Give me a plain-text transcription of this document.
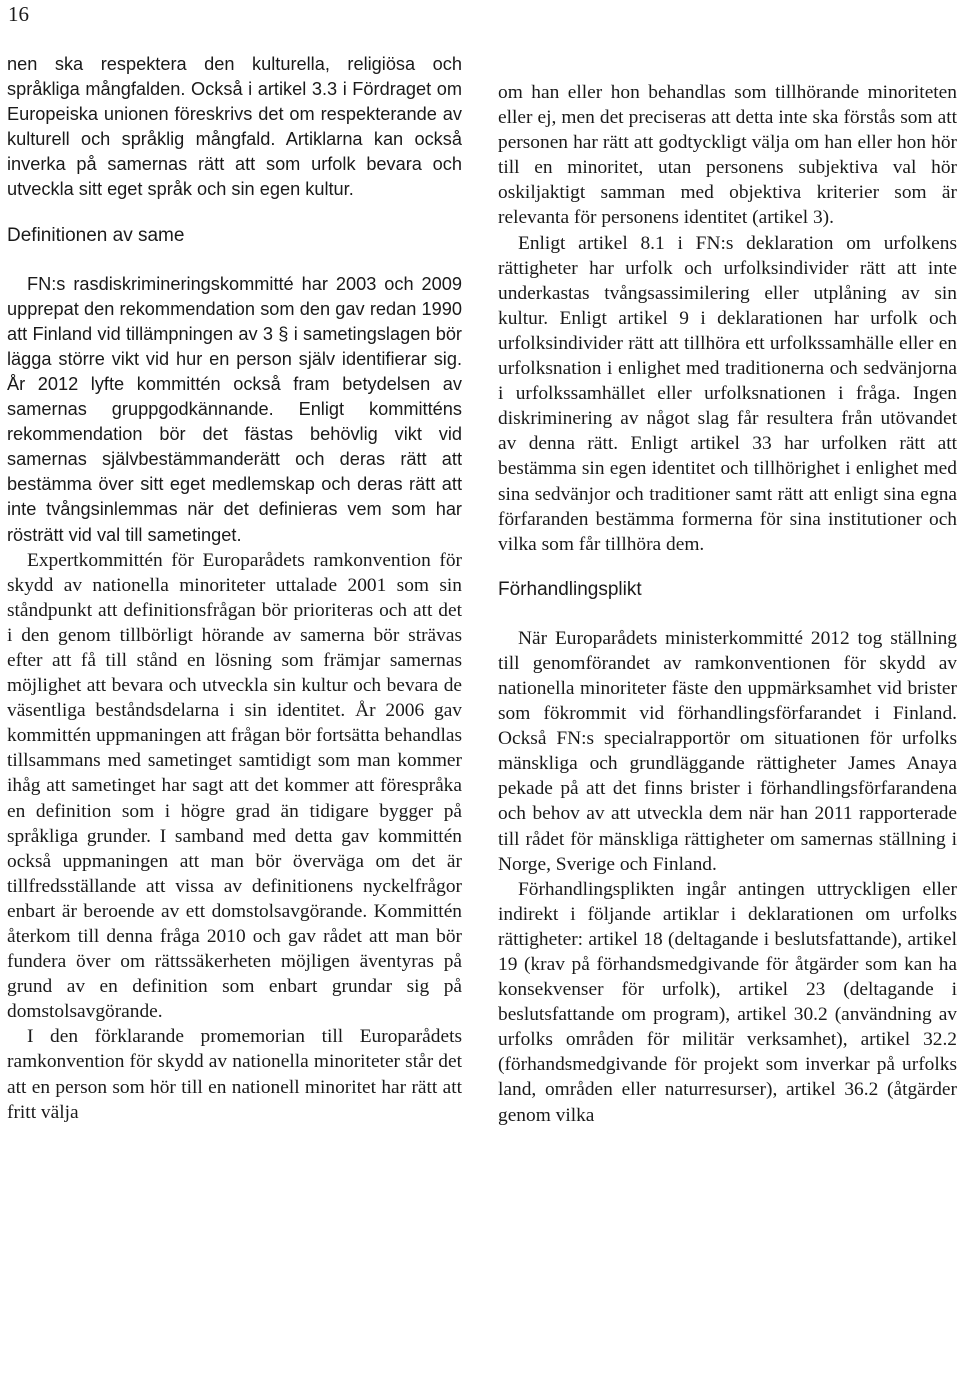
16

nen ska respektera den kulturella, religiösa och språkliga mångfalden. Också i artikel 3.3 i Fördraget om Europeiska unionen föreskrivs det om respekterande av kulturell och språklig mångfald. Artiklarna kan också inverka på samernas rätt att som urfolk bevara och utveckla sitt eget språk och sin egen kultur.

Definitionen av same

FN:s rasdiskrimineringskommitté har 2003 och 2009 upprepat den rekommendation som den gav redan 1990 att Finland vid tillämpningen av 3 § i sametingslagen bör lägga större vikt vid hur en person själv identifierar sig. År 2012 lyfte kommittén också fram betydelsen av samernas gruppgodkännande. Enligt kommitténs rekommendation bör det fästas behövlig vikt vid samernas självbestämmanderätt och deras rätt att bestämma över sitt eget medlemskap och deras rätt att inte tvångsinlemmas när det definieras vem som har rösträtt vid val till sametinget.

Expertkommittén för Europarådets ramkonvention för skydd av nationella minoriteter uttalade 2001 som sin ståndpunkt att definitionsfrågan bör prioriteras och att det i den genom tillbörligt hörande av samerna bör strävas efter att få till stånd en lösning som främjar samernas möjlighet att bevara och utveckla sin kultur och bevara de väsentliga beståndsdelarna i sin identitet. År 2006 gav kommittén uppmaningen att frågan bör fortsätta behandlas tillsammans med sametinget samtidigt som man kommer ihåg att sametinget har sagt att det kommer att förespråka en definition som i högre grad än tidigare bygger på språkliga grunder. I samband med detta gav kommittén också uppmaningen att man bör överväga om det är tillfredsställande att vissa av definitionens nyckelfrågor enbart är beroende av ett domstolsavgörande. Kommittén återkom till denna fråga 2010 och gav rådet att man bör fundera över om rättssäkerheten möjligen äventyras på grund av en definition som enbart grundar sig på domstolsavgörande.

I den förklarande promemorian till Europarådets ramkonvention för skydd av nationella minoriteter står det att en person som hör till en nationell minoritet har rätt att fritt välja

om han eller hon behandlas som tillhörande minoriteten eller ej, men det preciseras att detta inte ska förstås som att personen har rätt att godtyckligt välja om han eller hon hör till en minoritet, utan personens subjektiva val hör oskiljaktigt samman med objektiva kriterier som är relevanta för personens identitet (artikel 3).

Enligt artikel 8.1 i FN:s deklaration om urfolkens rättigheter har urfolk och urfolksindivider rätt att inte underkastas tvångsassimilering eller utplåning av sin kultur. Enligt artikel 9 i deklarationen har urfolk och urfolksindivider rätt att tillhöra ett urfolkssamhälle eller en urfolksnation i enlighet med traditionerna och sedvänjorna i urfolkssamhället eller urfolksnationen i fråga. Ingen diskriminering av något slag får resultera från utövandet av denna rätt. Enligt artikel 33 har urfolken rätt att bestämma sin egen identitet och tillhörighet i enlighet med sina sedvänjor och traditioner samt rätt att enligt sina egna förfaranden bestämma formerna för sina institutioner och vilka som får tillhöra dem.

Förhandlingsplikt

När Europarådets ministerkommitté 2012 tog ställning till genomförandet av ramkonventionen för skydd av nationella minoriteter fäste den uppmärksamhet vid brister som fökrommit vid förhandlingsförfarandet i Finland. Också FN:s specialrapportör om situationen för urfolks mänskliga och grundläggande rättigheter James Anaya pekade på att det finns brister i förhandlingsförfarandena och behov av att utveckla dem när han 2011 rapporterade till rådet för mänskliga rättigheter om samernas ställning i Norge, Sverige och Finland.

Förhandlingsplikten ingår antingen uttryckligen eller indirekt i följande artiklar i deklarationen om urfolks rättigheter: artikel 18 (deltagande i beslutsfattande), artikel 19 (krav på förhandsmedgivande för åtgärder som kan ha konsekvenser för urfolk), artikel 23 (deltagande i beslutsfattande om program), artikel 30.2 (användning av urfolks områden för militär verksamhet), artikel 32.2 (förhandsmedgivande för projekt som inverkar på urfolks land, områden eller naturresurser), artikel 36.2 (åtgärder genom vilka
